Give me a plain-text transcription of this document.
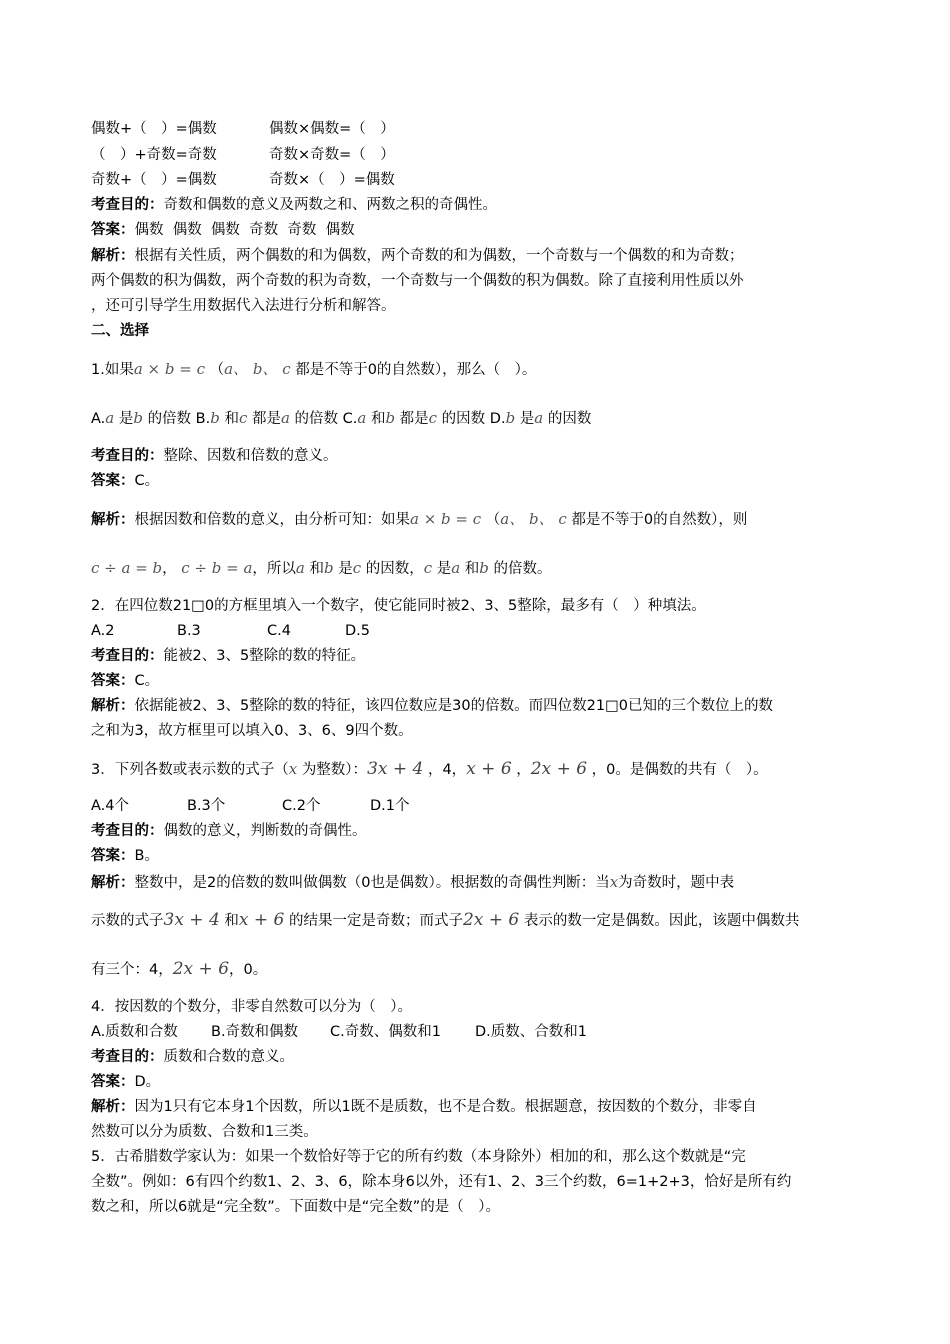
偶数+（　）=偶数	偶数×偶数=（　）
（　）+奇数=奇数	奇数×奇数=（　）
奇数+（　）=偶数	奇数×（　）=偶数
考查目的：奇数和偶数的意义及两数之和、两数之积的奇偶性。
答案：偶数  偶数  偶数  奇数  奇数  偶数
解析：根据有关性质，两个偶数的和为偶数，两个奇数的和为偶数，一个奇数与一个偶数的和为奇数；
两个偶数的积为偶数，两个奇数的积为奇数，一个奇数与一个偶数的积为偶数。除了直接利用性质以外
，还可引导学生用数据代入法进行分析和解答。
二、选择
1.如果a × b = c （a、 b、 c 都是不等于0的自然数），那么（　）。
A.a 是b 的倍数 B.b 和c 都是a 的倍数 C.a 和b 都是c 的因数 D.b 是a 的因数
考查目的：整除、因数和倍数的意义。
答案：C。
解析：根据因数和倍数的意义，由分析可知：如果a × b = c （a、 b、 c 都是不等于0的自然数），则
c ÷ a = b， c ÷ b = a，所以a 和b 是c 的因数，c 是a 和b 的倍数。
2．在四位数21□0的方框里填入一个数字，使它能同时被2、3、5整除，最多有（　）种填法。
A.2	B.3	C.4	D.5
考查目的：能被2、3、5整除的数的特征。
答案：C。
解析：依据能被2、3、5整除的数的特征，该四位数应是30的倍数。而四位数21□0已知的三个数位上的数
之和为3，故方框里可以填入0、3、6、9四个数。
3．下列各数或表示数的式子（x 为整数）：3x + 4 ，4，x + 6 ，2x + 6 ，0。是偶数的共有（　）。
A.4个	B.3个	C.2个	D.1个
考查目的：偶数的意义，判断数的奇偶性。
答案：B。
解析：整数中，是2的倍数的数叫做偶数（0也是偶数）。根据数的奇偶性判断：当x为奇数时，题中表
示数的式子3x + 4 和x + 6 的结果一定是奇数；而式子2x + 6 表示的数一定是偶数。因此，该题中偶数共
有三个：4，2x + 6，0。
4．按因数的个数分，非零自然数可以分为（　）。
A.质数和合数 B.奇数和偶数 C.奇数、偶数和1 D.质数、合数和1
考查目的：质数和合数的意义。
答案：D。
解析：因为1只有它本身1个因数，所以1既不是质数，也不是合数。根据题意，按因数的个数分，非零自
然数可以分为质数、合数和1三类。
5．古希腊数学家认为：如果一个数恰好等于它的所有约数（本身除外）相加的和，那么这个数就是“完
全数”。例如：6有四个约数1、2、3、6，除本身6以外，还有1、2、3三个约数，6=1+2+3，恰好是所有约
数之和，所以6就是“完全数”。下面数中是“完全数”的是（　）。
